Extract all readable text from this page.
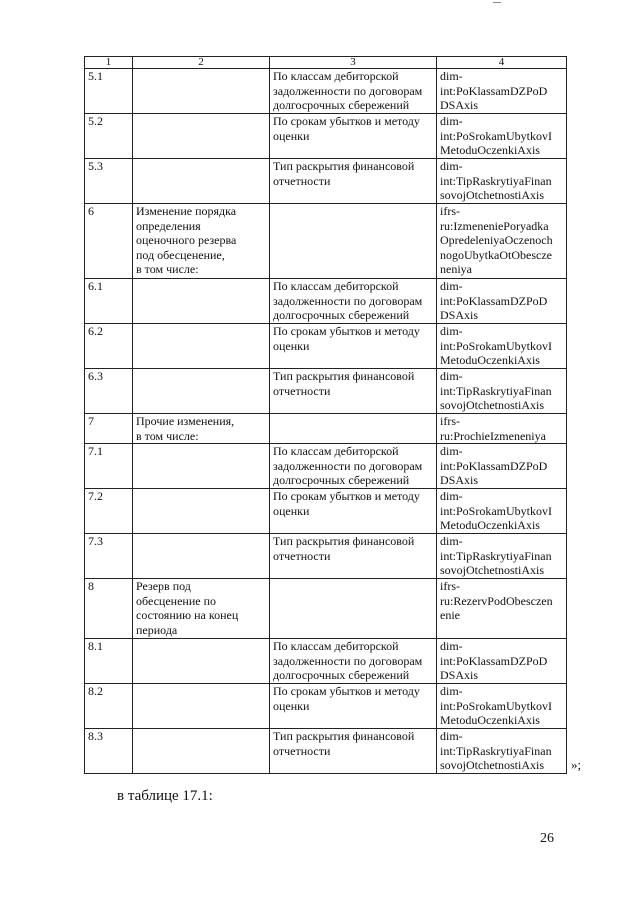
1	2	3	4
5.1		По классам дебиторской
задолженности по договорам
долгосрочных сбережений	dim-
int:PoKlassamDZPoD
DSAxis

5.2		По срокам убытков и методу
оценки	dim-
int:PoSrokamUbytkovI
MetoduOczenkiAxis

5.3		Тип раскрытия финансовой
отчетности	dim-
int:TipRaskrytiyaFinan
sovojOtchetnostiAxis

6	Изменение порядка
определения
оценочного резерва
под обесценение,
в том числе:		ifrs-
ru:IzmeneniePoryadka
OpredeleniyaOczenoch
nogoUbytkaOtObescze
neniya

6.1		По классам дебиторской
задолженности по договорам
долгосрочных сбережений	dim-
int:PoKlassamDZPoD
DSAxis

6.2		По срокам убытков и методу
оценки	dim-
int:PoSrokamUbytkovI
MetoduOczenkiAxis

6.3		Тип раскрытия финансовой
отчетности	dim-
int:TipRaskrytiyaFinan
sovojOtchetnostiAxis

7	Прочие изменения,
в том числе:		ifrs-
ru:ProchieIzmeneniya

7.1		По классам дебиторской
задолженности по договорам
долгосрочных сбережений	dim-
int:PoKlassamDZPoD
DSAxis

7.2		По срокам убытков и методу
оценки	dim-
int:PoSrokamUbytkovI
MetoduOczenkiAxis

7.3		Тип раскрытия финансовой
отчетности	dim-
int:TipRaskrytiyaFinan
sovojOtchetnostiAxis

8	Резерв под
обесценение по
состоянию на конец
периода		ifrs-
ru:RezervPodObesczen
enie

8.1		По классам дебиторской
задолженности по договорам
долгосрочных сбережений	dim-
int:PoKlassamDZPoD
DSAxis

8.2		По срокам убытков и методу
оценки	dim-
int:PoSrokamUbytkovI
MetoduOczenkiAxis

8.3		Тип раскрытия финансовой
отчетности	dim-
int:TipRaskrytiyaFinan
sovojOtchetnostiAxis	»;
в таблице 17.1:
26
